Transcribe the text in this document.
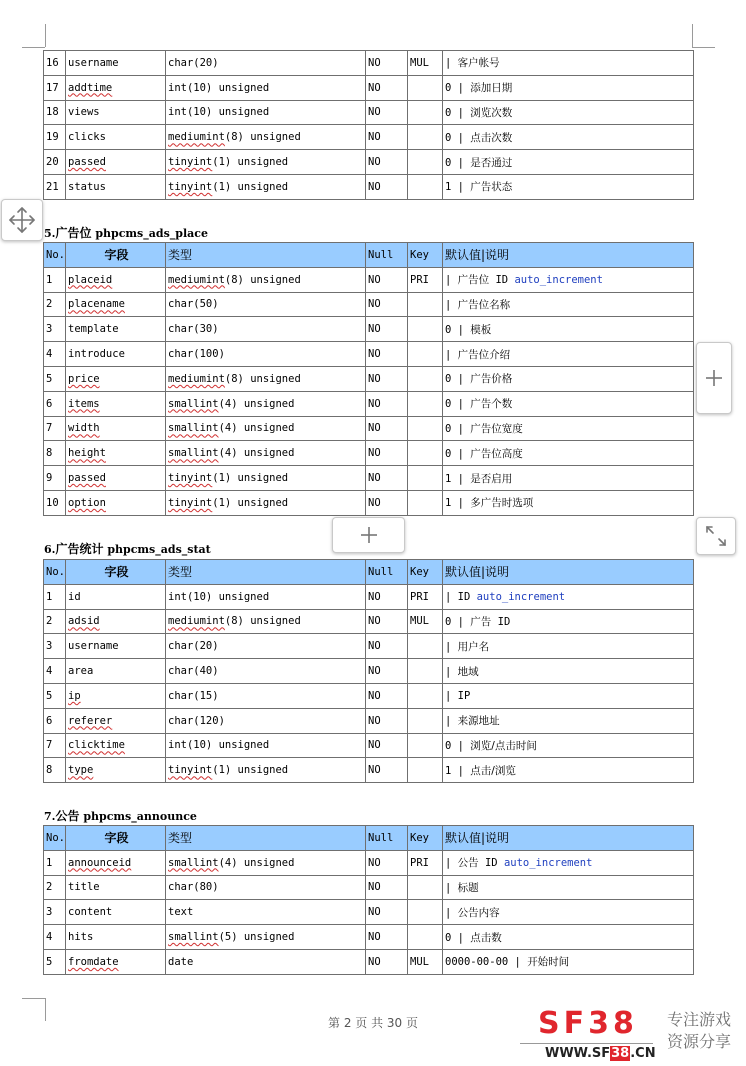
5.广告位 phpcms_ads_place
6.广告统计 phpcms_ads_stat
7.公告 phpcms_announce
16	username	char(20)	NO	MUL	| 客户帐号
17	addtime	int(10) unsigned	NO		0 | 添加日期
18	views	int(10) unsigned	NO		0 | 浏览次数
19	clicks	mediumint(8) unsigned	NO		0 | 点击次数
20	passed	tinyint(1) unsigned	NO		0 | 是否通过
21	status	tinyint(1) unsigned	NO		1 | 广告状态
No.	字段	类型	Null	Key	默认值|说明
1	placeid	mediumint(8) unsigned	NO	PRI	| 广告位 ID auto_increment
2	placename	char(50)	NO		| 广告位名称
3	template	char(30)	NO		0 | 模板
4	introduce	char(100)	NO		| 广告位介绍
5	price	mediumint(8) unsigned	NO		0 | 广告价格
6	items	smallint(4) unsigned	NO		0 | 广告个数
7	width	smallint(4) unsigned	NO		0 | 广告位宽度
8	height	smallint(4) unsigned	NO		0 | 广告位高度
9	passed	tinyint(1) unsigned	NO		1 | 是否启用
10	option	tinyint(1) unsigned	NO		1 | 多广告时选项
No.	字段	类型	Null	Key	默认值|说明
1	id	int(10) unsigned	NO	PRI	| ID auto_increment
2	adsid	mediumint(8) unsigned	NO	MUL	0 | 广告 ID
3	username	char(20)	NO		| 用户名
4	area	char(40)	NO		| 地域
5	ip	char(15)	NO		| IP
6	referer	char(120)	NO		| 来源地址
7	clicktime	int(10) unsigned	NO		0 | 浏览/点击时间
8	type	tinyint(1) unsigned	NO		1 | 点击/浏览
No.	字段	类型	Null	Key	默认值|说明
1	announceid	smallint(4) unsigned	NO	PRI	| 公告 ID auto_increment
2	title	char(80)	NO		| 标题
3	content	text	NO		| 公告内容
4	hits	smallint(5) unsigned	NO		0 | 点击数
5	fromdate	date	NO	MUL	0000-00-00 | 开始时间
第 2 页 共 30 页	SF38 专注游戏
资源分享
WWW.SF38.CN
